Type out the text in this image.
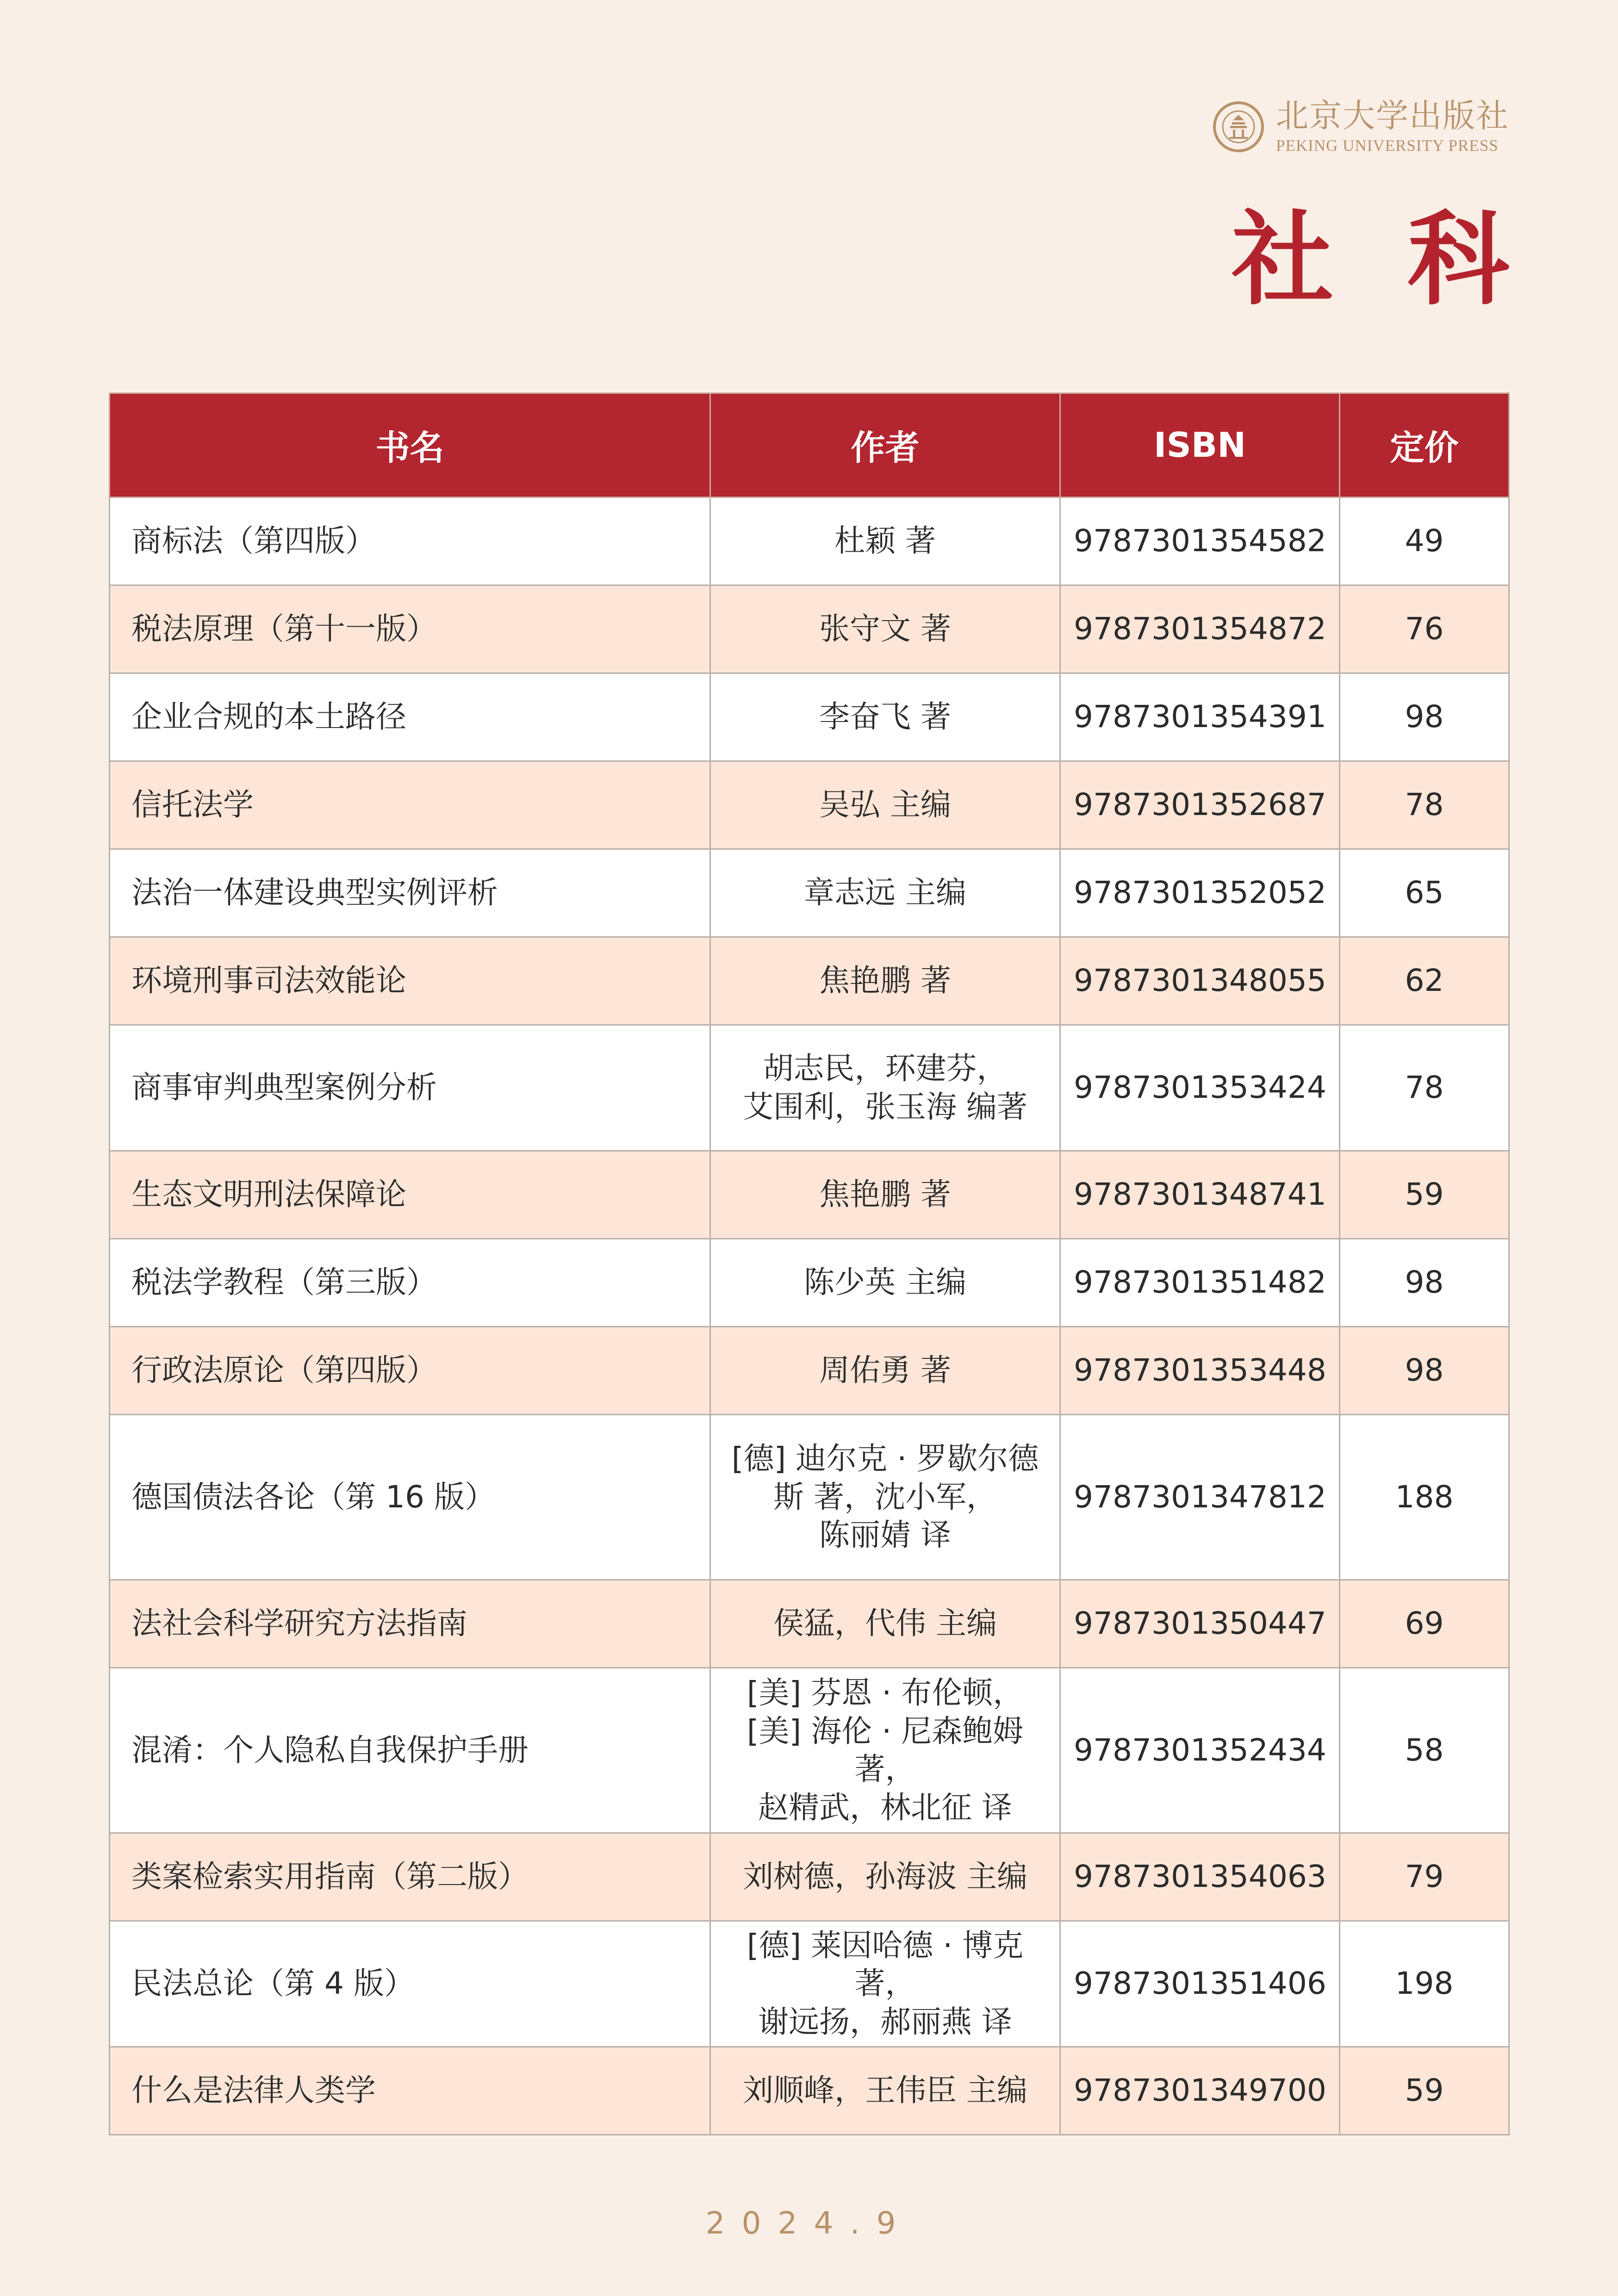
北京大学出版社
PEKING UNIVERSITY PRESS
社科
书名	作者	ISBN	定价
商标法（第四版）	杜颖 著	9787301354582	49
税法原理（第十一版）	张守文 著	9787301354872	76
企业合规的本土路径	李奋飞 著	9787301354391	98
信托法学	吴弘 主编	9787301352687	78
法治一体建设典型实例评析	章志远 主编	9787301352052	65
环境刑事司法效能论	焦艳鹏 著	9787301348055	62
商事审判典型案例分析	胡志民，环建芬，
艾围利，张玉海 编著	9787301353424	78
生态文明刑法保障论	焦艳鹏 著	9787301348741	59
税法学教程（第三版）	陈少英 主编	9787301351482	98
行政法原论（第四版）	周佑勇 著	9787301353448	98
德国债法各论（第 16 版）	[德] 迪尔克 · 罗歇尔德
斯 著，沈小军，
陈丽婧 译	9787301347812	188
法社会科学研究方法指南	侯猛，代伟 主编	9787301350447	69
混淆：个人隐私自我保护手册	[美] 芬恩 · 布伦顿，
[美] 海伦 · 尼森鲍姆 著，
赵精武，林北征 译	9787301352434	58
类案检索实用指南（第二版）	刘树德，孙海波 主编	9787301354063	79
民法总论（第 4 版）	[德] 莱因哈德 · 博克 著，
谢远扬，郝丽燕 译	9787301351406	198
什么是法律人类学	刘顺峰，王伟臣 主编	9787301349700	59
2024.9
